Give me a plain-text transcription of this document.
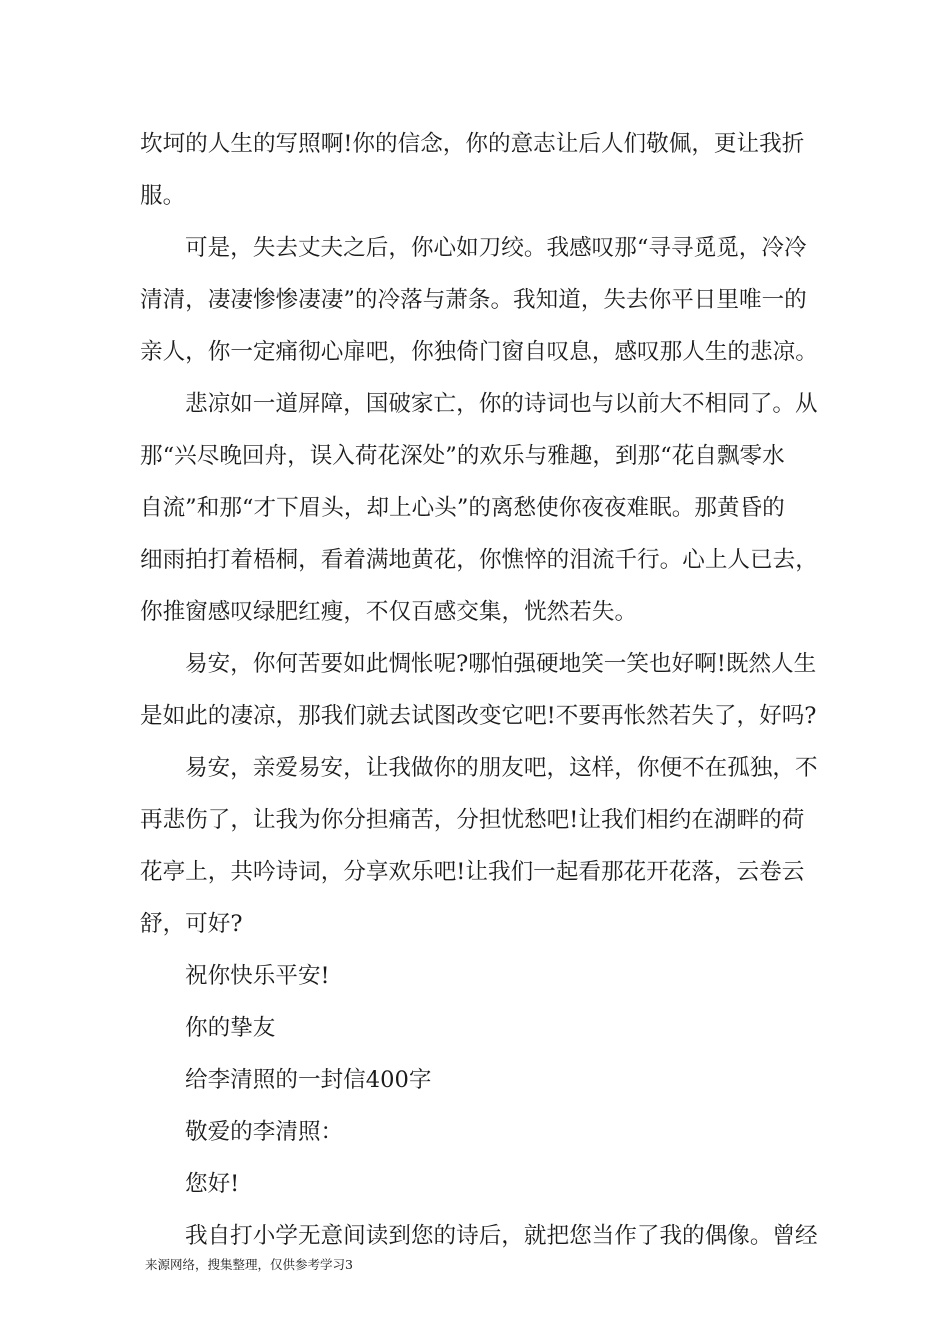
坎坷的人生的写照啊!你的信念，你的意志让后人们敬佩，更让我折
服。
可是，失去丈夫之后，你心如刀绞。我感叹那“寻寻觅觅，冷冷
清清，凄凄惨惨凄凄”的冷落与萧条。我知道，失去你平日里唯一的
亲人，你一定痛彻心扉吧，你独倚门窗自叹息，感叹那人生的悲凉。
悲凉如一道屏障，国破家亡，你的诗词也与以前大不相同了。从
那“兴尽晚回舟，误入荷花深处”的欢乐与雅趣，到那“花自飘零水
自流”和那“才下眉头，却上心头”的离愁使你夜夜难眠。那黄昏的
细雨拍打着梧桐，看着满地黄花，你憔悴的泪流千行。心上人已去，
你推窗感叹绿肥红瘦，不仅百感交集，恍然若失。
易安，你何苦要如此惆怅呢?哪怕强硬地笑一笑也好啊!既然人生
是如此的凄凉，那我们就去试图改变它吧!不要再怅然若失了，好吗?
易安，亲爱易安，让我做你的朋友吧，这样，你便不在孤独，不
再悲伤了，让我为你分担痛苦，分担忧愁吧!让我们相约在湖畔的荷
花亭上，共吟诗词，分享欢乐吧!让我们一起看那花开花落，云卷云
舒，可好?
祝你快乐平安!
你的挚友
给李清照的一封信400字
敬爱的李清照：
您好!
我自打小学无意间读到您的诗后，就把您当作了我的偶像。曾经
来源网络，搜集整理，仅供参考学习3
